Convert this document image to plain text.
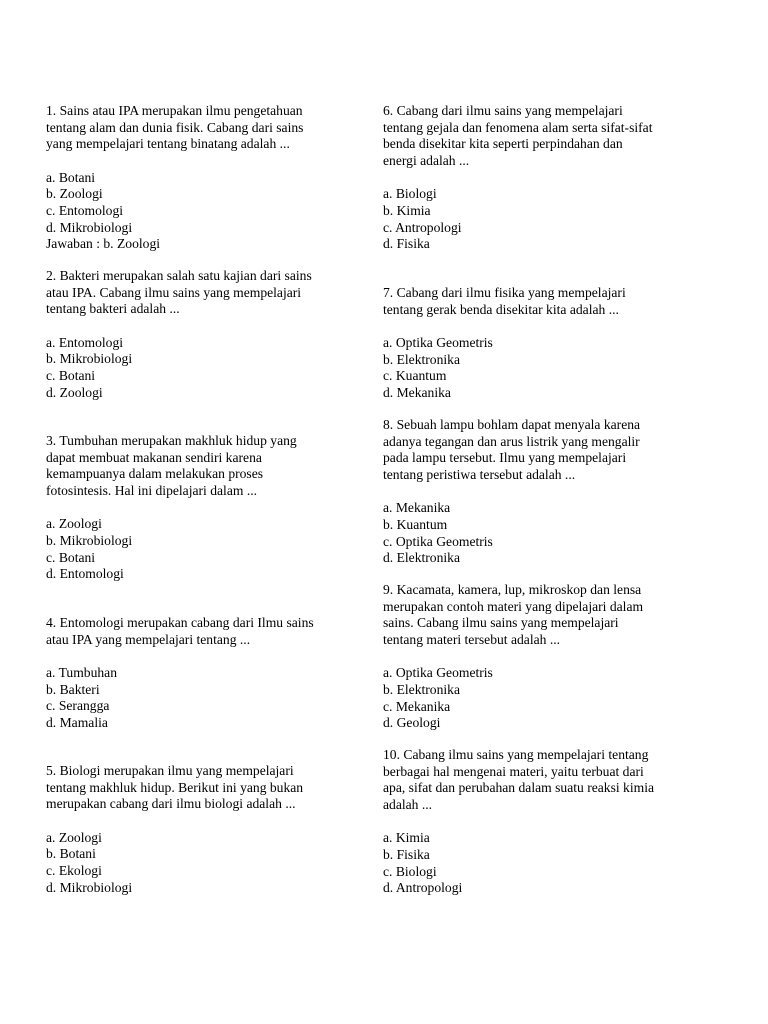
1. Sains atau IPA merupakan ilmu pengetahuan
tentang alam dan dunia fisik. Cabang dari sains
yang mempelajari tentang binatang adalah ...

a. Botani

b. Zoologi

c. Entomologi

d. Mikrobiologi

Jawaban : b. Zoologi

2. Bakteri merupakan salah satu kajian dari sains
atau IPA. Cabang ilmu sains yang mempelajari
tentang bakteri adalah ...

a. Entomologi

b. Mikrobiologi

c. Botani

d. Zoologi

3. Tumbuhan merupakan makhluk hidup yang
dapat membuat makanan sendiri karena
kemampuanya dalam melakukan proses
fotosintesis. Hal ini dipelajari dalam ...

a. Zoologi

b. Mikrobiologi

c. Botani

d. Entomologi

4. Entomologi merupakan cabang dari Ilmu sains
atau IPA yang mempelajari tentang ...

a. Tumbuhan

b. Bakteri

c. Serangga

d. Mamalia

5. Biologi merupakan ilmu yang mempelajari
tentang makhluk hidup. Berikut ini yang bukan
merupakan cabang dari ilmu biologi adalah ...

a. Zoologi

b. Botani

c. Ekologi

d. Mikrobiologi

6. Cabang dari ilmu sains yang mempelajari
tentang gejala dan fenomena alam serta sifat-sifat
benda disekitar kita seperti perpindahan dan
energi adalah ...

a. Biologi

b. Kimia

c. Antropologi

d. Fisika

7. Cabang dari ilmu fisika yang mempelajari
tentang gerak benda disekitar kita adalah ...

a. Optika Geometris

b. Elektronika

c. Kuantum

d. Mekanika

8. Sebuah lampu bohlam dapat menyala karena
adanya tegangan dan arus listrik yang mengalir
pada lampu tersebut. Ilmu yang mempelajari
tentang peristiwa tersebut adalah ...

a. Mekanika

b. Kuantum

c. Optika Geometris

d. Elektronika

9. Kacamata, kamera, lup, mikroskop dan lensa
merupakan contoh materi yang dipelajari dalam
sains. Cabang ilmu sains yang mempelajari
tentang materi tersebut adalah ...

a. Optika Geometris

b. Elektronika

c. Mekanika

d. Geologi

10. Cabang ilmu sains yang mempelajari tentang
berbagai hal mengenai materi, yaitu terbuat dari
apa, sifat dan perubahan dalam suatu reaksi kimia
adalah ...

a. Kimia

b. Fisika

c. Biologi

d. Antropologi
